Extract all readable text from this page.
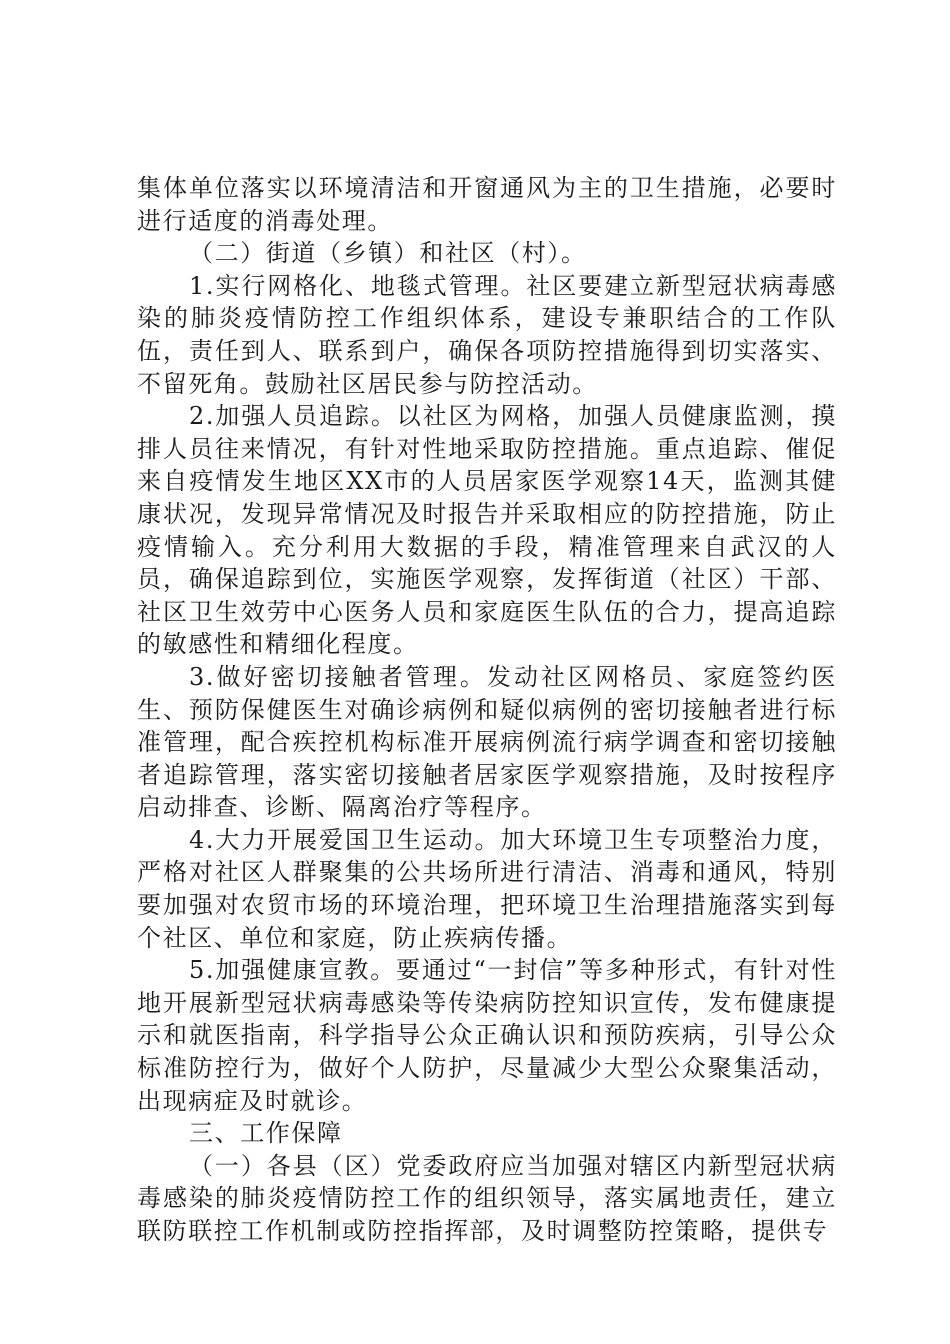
集体单位落实以环境清洁和开窗通风为主的卫生措施，必要时进行适度的消毒处理。

（二）街道（乡镇）和社区（村）。

1.实行网格化、地毯式管理。社区要建立新型冠状病毒感染的肺炎疫情防控工作组织体系，建设专兼职结合的工作队伍，责任到人、联系到户，确保各项防控措施得到切实落实、不留死角。鼓励社区居民参与防控活动。

2.加强人员追踪。以社区为网格，加强人员健康监测，摸排人员往来情况，有针对性地采取防控措施。重点追踪、催促来自疫情发生地区XX市的人员居家医学观察14天，监测其健康状况，发现异常情况及时报告并采取相应的防控措施，防止疫情输入。充分利用大数据的手段，精准管理来自武汉的人员，确保追踪到位，实施医学观察，发挥街道（社区）干部、社区卫生效劳中心医务人员和家庭医生队伍的合力，提高追踪的敏感性和精细化程度。

3.做好密切接触者管理。发动社区网格员、家庭签约医生、预防保健医生对确诊病例和疑似病例的密切接触者进行标准管理，配合疾控机构标准开展病例流行病学调查和密切接触者追踪管理，落实密切接触者居家医学观察措施，及时按程序启动排查、诊断、隔离治疗等程序。

4.大力开展爱国卫生运动。加大环境卫生专项整治力度，严格对社区人群聚集的公共场所进行清洁、消毒和通风，特别要加强对农贸市场的环境治理，把环境卫生治理措施落实到每个社区、单位和家庭，防止疾病传播。

5.加强健康宣教。要通过“一封信”等多种形式，有针对性地开展新型冠状病毒感染等传染病防控知识宣传，发布健康提示和就医指南，科学指导公众正确认识和预防疾病，引导公众标准防控行为，做好个人防护，尽量减少大型公众聚集活动，出现病症及时就诊。

三、工作保障

（一）各县（区）党委政府应当加强对辖区内新型冠状病毒感染的肺炎疫情防控工作的组织领导，落实属地责任，建立联防联控工作机制或防控指挥部，及时调整防控策略，提供专
